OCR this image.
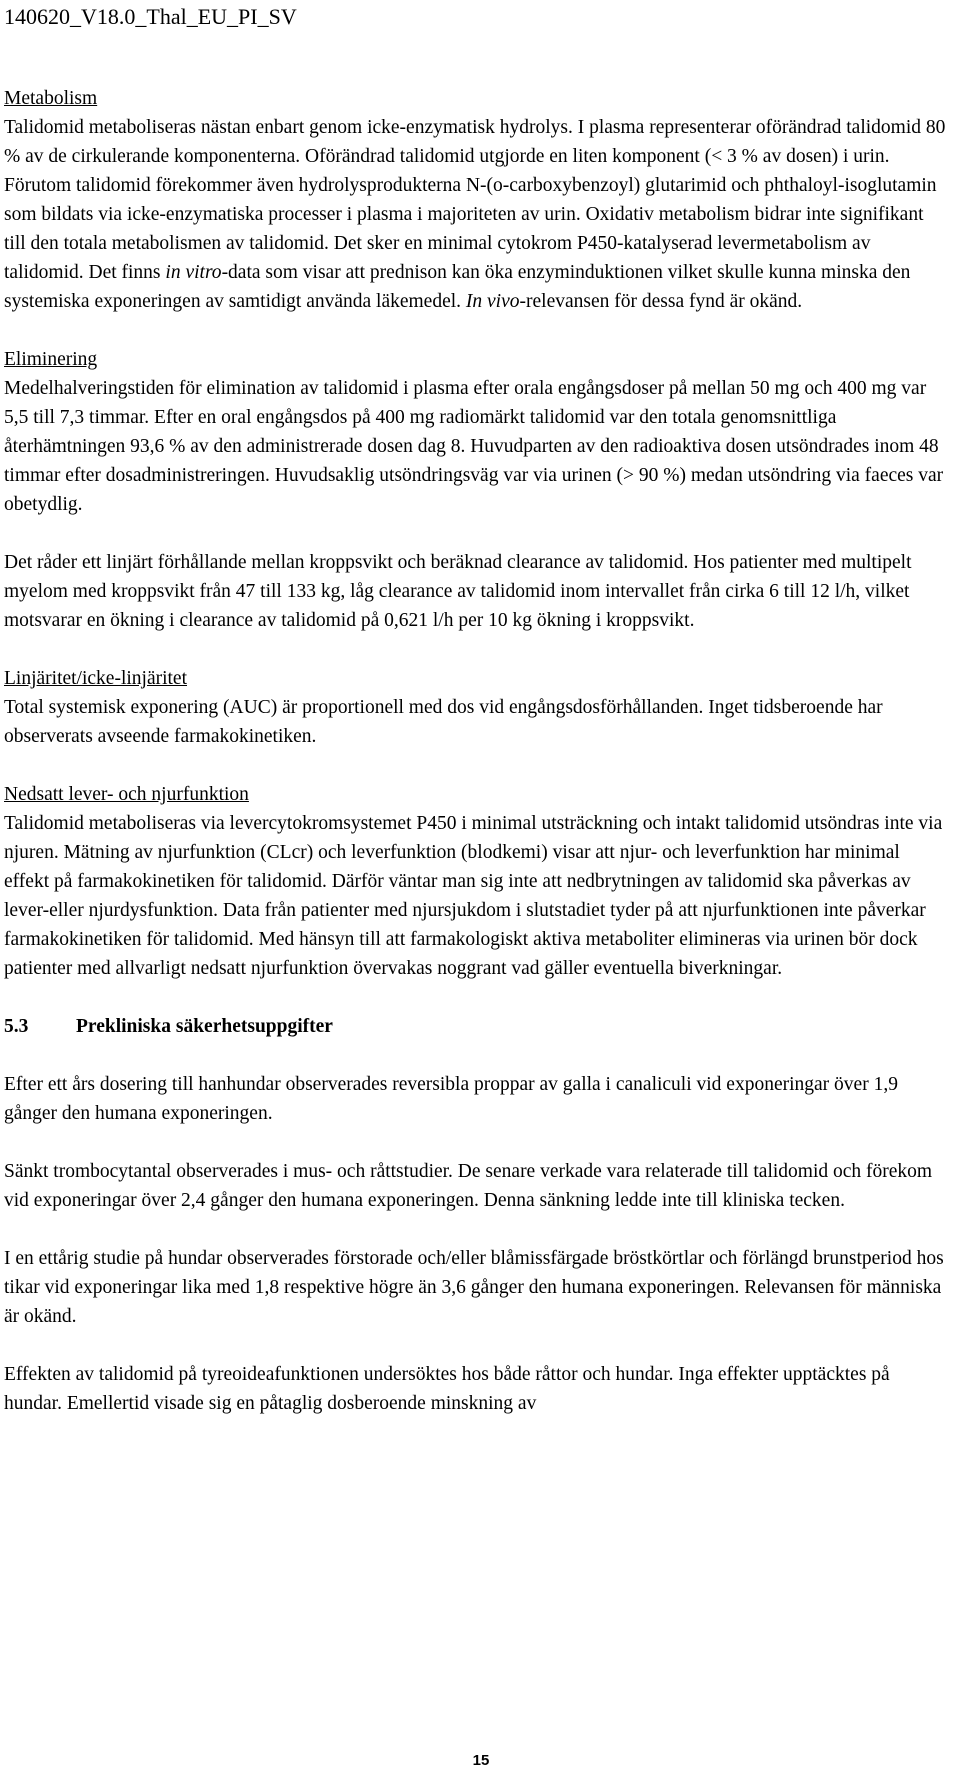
140620_V18.0_Thal_EU_PI_SV

Metabolism

Talidomid metaboliseras nästan enbart genom icke-enzymatisk hydrolys. I plasma representerar oförändrad talidomid 80 % av de cirkulerande komponenterna. Oförändrad talidomid utgjorde en liten komponent (< 3 % av dosen) i urin. Förutom talidomid förekommer även hydrolysprodukterna N-(o-carboxybenzoyl) glutarimid och phthaloyl-isoglutamin som bildats via icke-enzymatiska processer i plasma i majoriteten av urin. Oxidativ metabolism bidrar inte signifikant till den totala metabolismen av talidomid. Det sker en minimal cytokrom P450-katalyserad levermetabolism av talidomid. Det finns in vitro-data som visar att prednison kan öka enzyminduktionen vilket skulle kunna minska den systemiska exponeringen av samtidigt använda läkemedel. In vivo-relevansen för dessa fynd är okänd.

Eliminering

Medelhalveringstiden för elimination av talidomid i plasma efter orala engångsdoser på mellan 50 mg och 400 mg var 5,5 till 7,3 timmar. Efter en oral engångsdos på 400 mg radiomärkt talidomid var den totala genomsnittliga återhämtningen 93,6 % av den administrerade dosen dag 8. Huvudparten av den radioaktiva dosen utsöndrades inom 48 timmar efter dosadministreringen. Huvudsaklig utsöndringsväg var via urinen (> 90 %) medan utsöndring via faeces var obetydlig.

Det råder ett linjärt förhållande mellan kroppsvikt och beräknad clearance av talidomid. Hos patienter med multipelt myelom med kroppsvikt från 47 till 133 kg, låg clearance av talidomid inom intervallet från cirka 6 till 12 l/h, vilket motsvarar en ökning i clearance av talidomid på 0,621 l/h per 10 kg ökning i kroppsvikt.

Linjäritet/icke-linjäritet

Total systemisk exponering (AUC) är proportionell med dos vid engångsdosförhållanden. Inget tidsberoende har observerats avseende farmakokinetiken.

Nedsatt lever- och njurfunktion

Talidomid metaboliseras via levercytokromsystemet P450 i minimal utsträckning och intakt talidomid utsöndras inte via njuren. Mätning av njurfunktion (CLcr) och leverfunktion (blodkemi) visar att njur- och leverfunktion har minimal effekt på farmakokinetiken för talidomid. Därför väntar man sig inte att nedbrytningen av talidomid ska påverkas av lever-eller njurdysfunktion. Data från patienter med njursjukdom i slutstadiet tyder på att njurfunktionen inte påverkar farmakokinetiken för talidomid. Med hänsyn till att farmakologiskt aktiva metaboliter elimineras via urinen bör dock patienter med allvarligt nedsatt njurfunktion övervakas noggrant vad gäller eventuella biverkningar.

5.3 Prekliniska säkerhetsuppgifter

Efter ett års dosering till hanhundar observerades reversibla proppar av galla i canaliculi vid exponeringar över 1,9 gånger den humana exponeringen.

Sänkt trombocytantal observerades i mus- och råttstudier. De senare verkade vara relaterade till talidomid och förekom vid exponeringar över 2,4 gånger den humana exponeringen. Denna sänkning ledde inte till kliniska tecken.

I en ettårig studie på hundar observerades förstorade och/eller blåmissfärgade bröstkörtlar och förlängd brunstperiod hos tikar vid exponeringar lika med 1,8 respektive högre än 3,6 gånger den humana exponeringen. Relevansen för människa är okänd.

Effekten av talidomid på tyreoideafunktionen undersöktes hos både råttor och hundar. Inga effekter upptäcktes på hundar. Emellertid visade sig en påtaglig dosberoende minskning av

15
